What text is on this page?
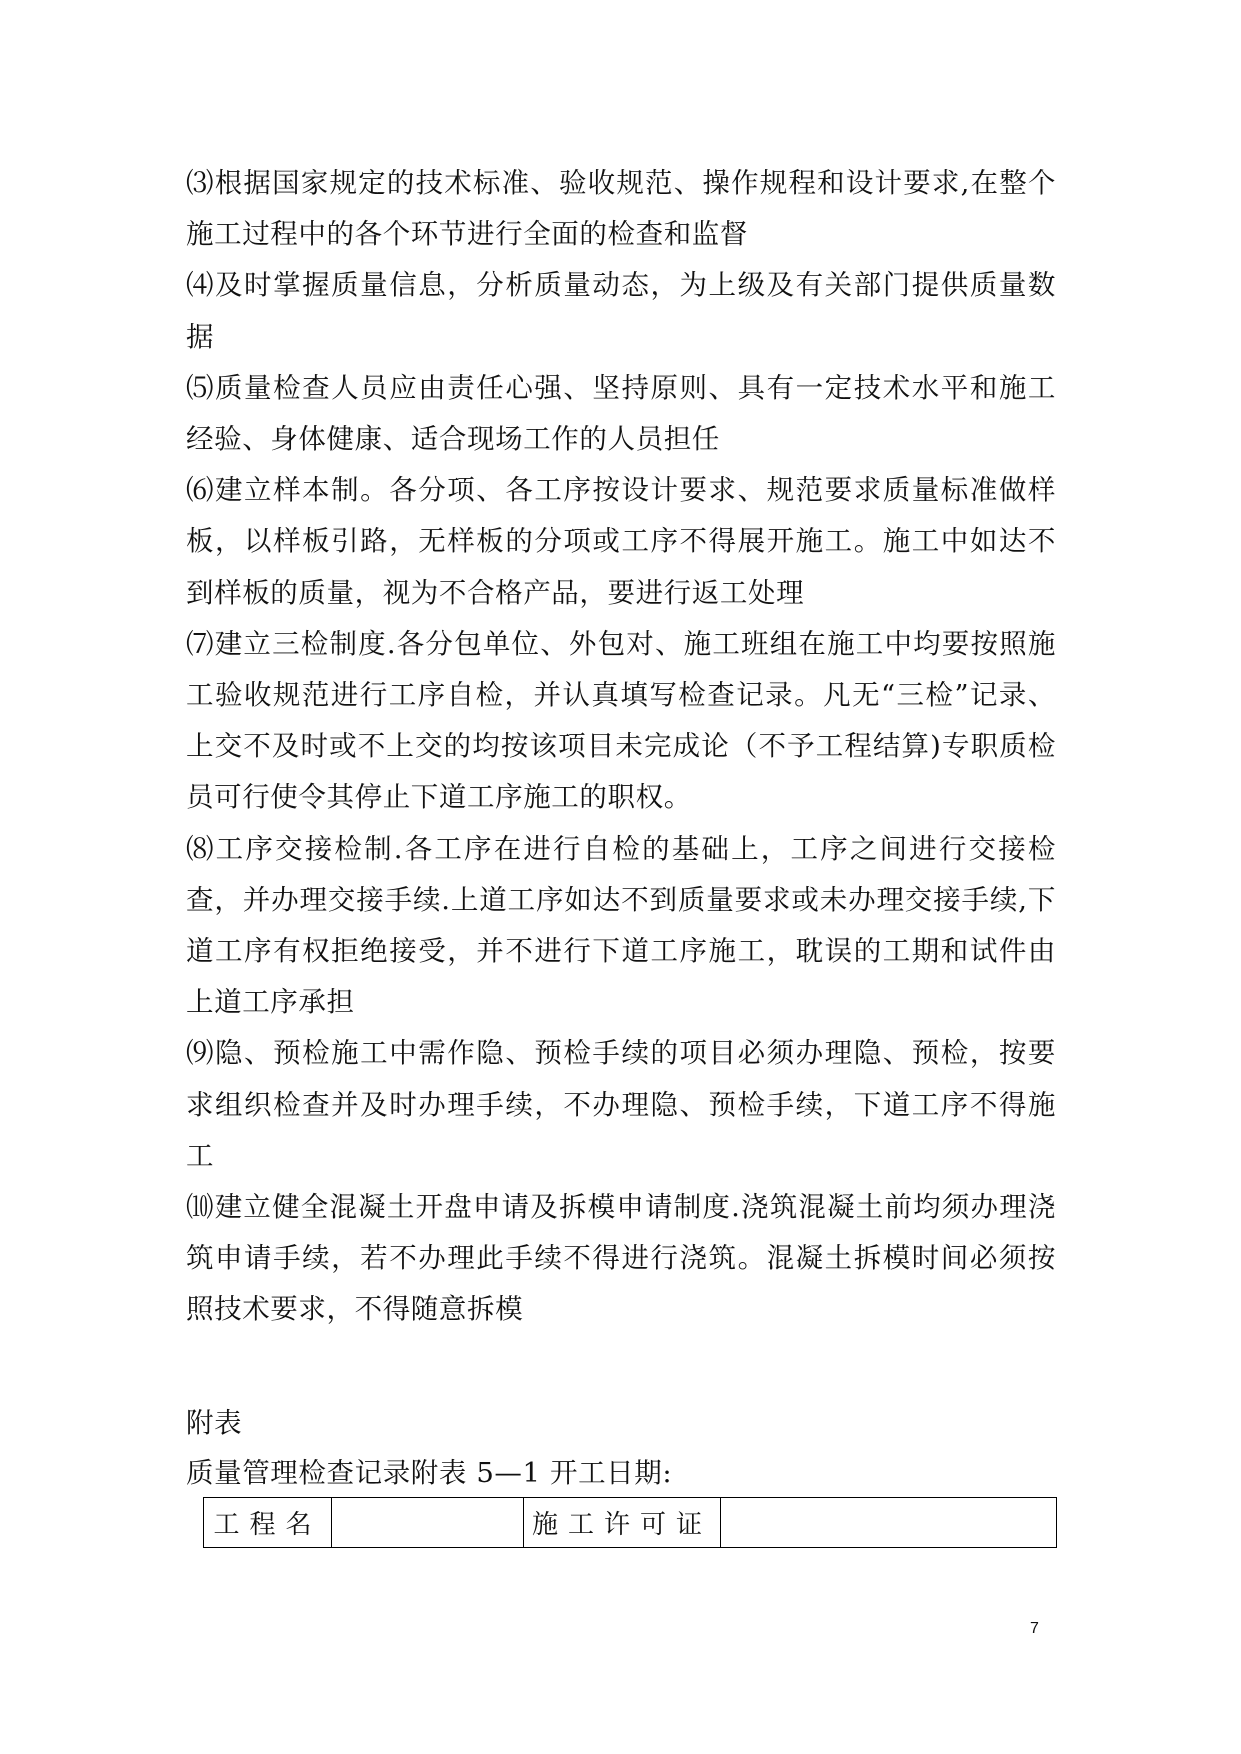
⑶根据国家规定的技术标准、验收规范、操作规程和设计要求,在整个施工过程中的各个环节进行全面的检查和监督

⑷及时掌握质量信息，分析质量动态，为上级及有关部门提供质量数据

⑸质量检查人员应由责任心强、坚持原则、具有一定技术水平和施工经验、身体健康、适合现场工作的人员担任

⑹建立样本制。各分项、各工序按设计要求、规范要求质量标准做样板，以样板引路，无样板的分项或工序不得展开施工。施工中如达不到样板的质量，视为不合格产品，要进行返工处理

⑺建立三检制度.各分包单位、外包对、施工班组在施工中均要按照施工验收规范进行工序自检，并认真填写检查记录。凡无“三检”记录、上交不及时或不上交的均按该项目未完成论（不予工程结算)专职质检员可行使令其停止下道工序施工的职权。

⑻工序交接检制.各工序在进行自检的基础上，工序之间进行交接检查，并办理交接手续.上道工序如达不到质量要求或未办理交接手续,下道工序有权拒绝接受，并不进行下道工序施工，耽误的工期和试件由上道工序承担

⑼隐、预检施工中需作隐、预检手续的项目必须办理隐、预检，按要求组织检查并及时办理手续，不办理隐、预检手续，下道工序不得施工

⑽建立健全混凝土开盘申请及拆模申请制度.浇筑混凝土前均须办理浇筑申请手续，若不办理此手续不得进行浇筑。混凝土拆模时间必须按照技术要求，不得随意拆模

附表
质量管理检查记录附表 5—1 开工日期:
工程名		施工许可证	
7
